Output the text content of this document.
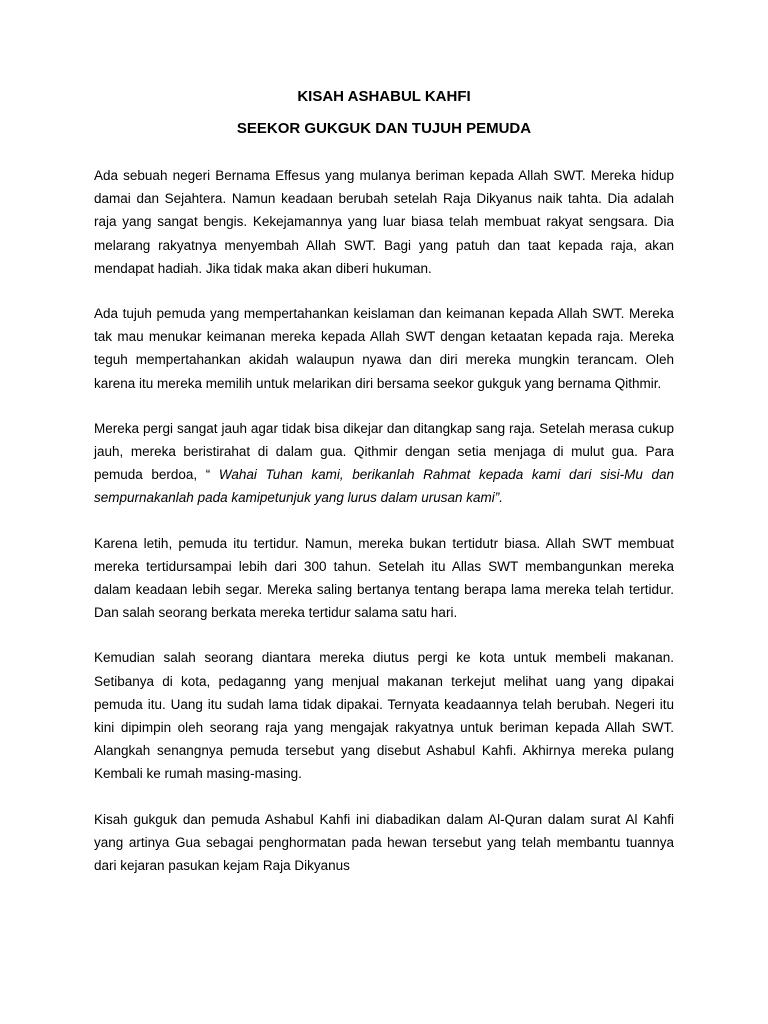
KISAH ASHABUL KAHFI
SEEKOR GUKGUK DAN TUJUH PEMUDA

Ada sebuah negeri Bernama Effesus yang mulanya beriman kepada Allah SWT. Mereka hidup damai dan Sejahtera. Namun keadaan berubah setelah Raja Dikyanus naik tahta. Dia adalah raja yang sangat bengis. Kekejamannya yang luar biasa telah membuat rakyat sengsara. Dia melarang rakyatnya menyembah Allah SWT. Bagi yang patuh dan taat kepada raja, akan mendapat hadiah. Jika tidak maka akan diberi hukuman.

Ada tujuh pemuda yang mempertahankan keislaman dan keimanan kepada Allah SWT. Mereka tak mau menukar keimanan mereka kepada Allah SWT dengan ketaatan kepada raja. Mereka teguh mempertahankan akidah walaupun nyawa dan diri mereka mungkin terancam. Oleh karena itu mereka memilih untuk melarikan diri bersama seekor gukguk yang bernama Qithmir.

Mereka pergi sangat jauh agar tidak bisa dikejar dan ditangkap sang raja. Setelah merasa cukup jauh, mereka beristirahat di dalam gua. Qithmir dengan setia menjaga di mulut gua. Para pemuda berdoa, “ Wahai Tuhan kami, berikanlah Rahmat kepada kami dari sisi-Mu dan sempurnakanlah pada kamipetunjuk yang lurus dalam urusan kami”.

Karena letih, pemuda itu tertidur. Namun, mereka bukan tertidutr biasa. Allah SWT membuat mereka tertidursampai lebih dari 300 tahun. Setelah itu Allas SWT membangunkan mereka dalam keadaan lebih segar. Mereka saling bertanya tentang berapa lama mereka telah tertidur. Dan salah seorang berkata mereka tertidur salama satu hari.

Kemudian salah seorang diantara mereka diutus pergi ke kota untuk membeli makanan. Setibanya di kota, pedaganng yang menjual makanan terkejut melihat uang yang dipakai pemuda itu. Uang itu sudah lama tidak dipakai. Ternyata keadaannya telah berubah. Negeri itu kini dipimpin oleh seorang raja yang mengajak rakyatnya untuk beriman kepada Allah SWT. Alangkah senangnya pemuda tersebut yang disebut Ashabul Kahfi. Akhirnya mereka pulang Kembali ke rumah masing-masing.

Kisah gukguk dan pemuda Ashabul Kahfi ini diabadikan dalam Al-Quran dalam surat Al Kahfi yang artinya Gua sebagai penghormatan pada hewan tersebut yang telah membantu tuannya dari kejaran pasukan kejam Raja Dikyanus
